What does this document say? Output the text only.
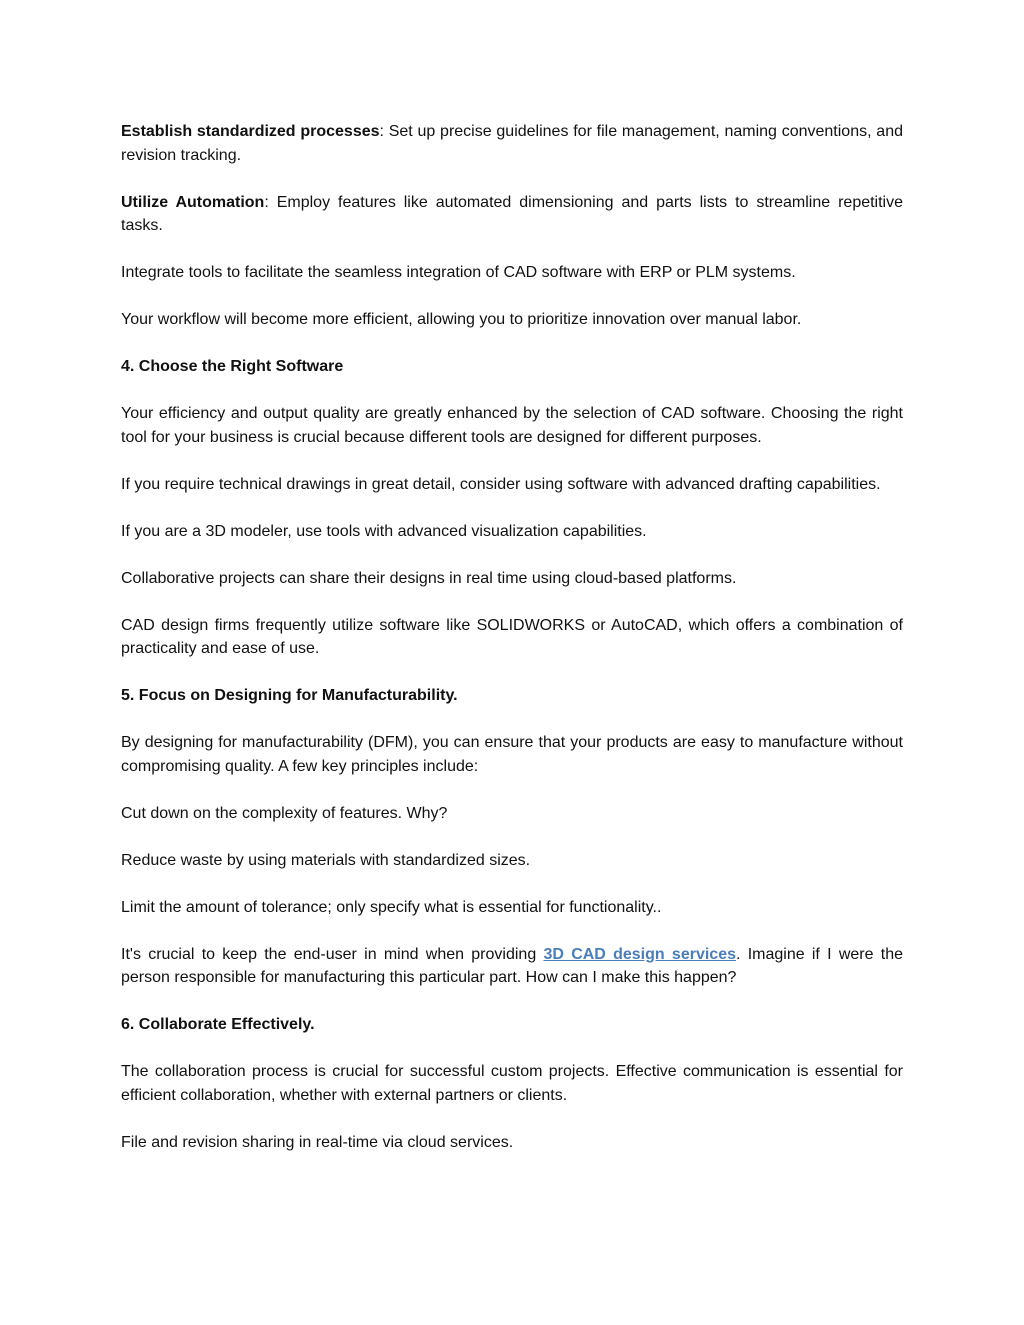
Establish standardized processes: Set up precise guidelines for file management, naming conventions, and revision tracking.

Utilize Automation: Employ features like automated dimensioning and parts lists to streamline repetitive tasks.

Integrate tools to facilitate the seamless integration of CAD software with ERP or PLM systems.

Your workflow will become more efficient, allowing you to prioritize innovation over manual labor.

4. Choose the Right Software

Your efficiency and output quality are greatly enhanced by the selection of CAD software. Choosing the right tool for your business is crucial because different tools are designed for different purposes.

If you require technical drawings in great detail, consider using software with advanced drafting capabilities.

If you are a 3D modeler, use tools with advanced visualization capabilities.

Collaborative projects can share their designs in real time using cloud-based platforms.

CAD design firms frequently utilize software like SOLIDWORKS or AutoCAD, which offers a combination of practicality and ease of use.

5. Focus on Designing for Manufacturability.

By designing for manufacturability (DFM), you can ensure that your products are easy to manufacture without compromising quality. A few key principles include:

Cut down on the complexity of features. Why?

Reduce waste by using materials with standardized sizes.

Limit the amount of tolerance; only specify what is essential for functionality..

It's crucial to keep the end-user in mind when providing 3D CAD design services. Imagine if I were the person responsible for manufacturing this particular part. How can I make this happen?

6. Collaborate Effectively.

The collaboration process is crucial for successful custom projects. Effective communication is essential for efficient collaboration, whether with external partners or clients.

File and revision sharing in real-time via cloud services.
